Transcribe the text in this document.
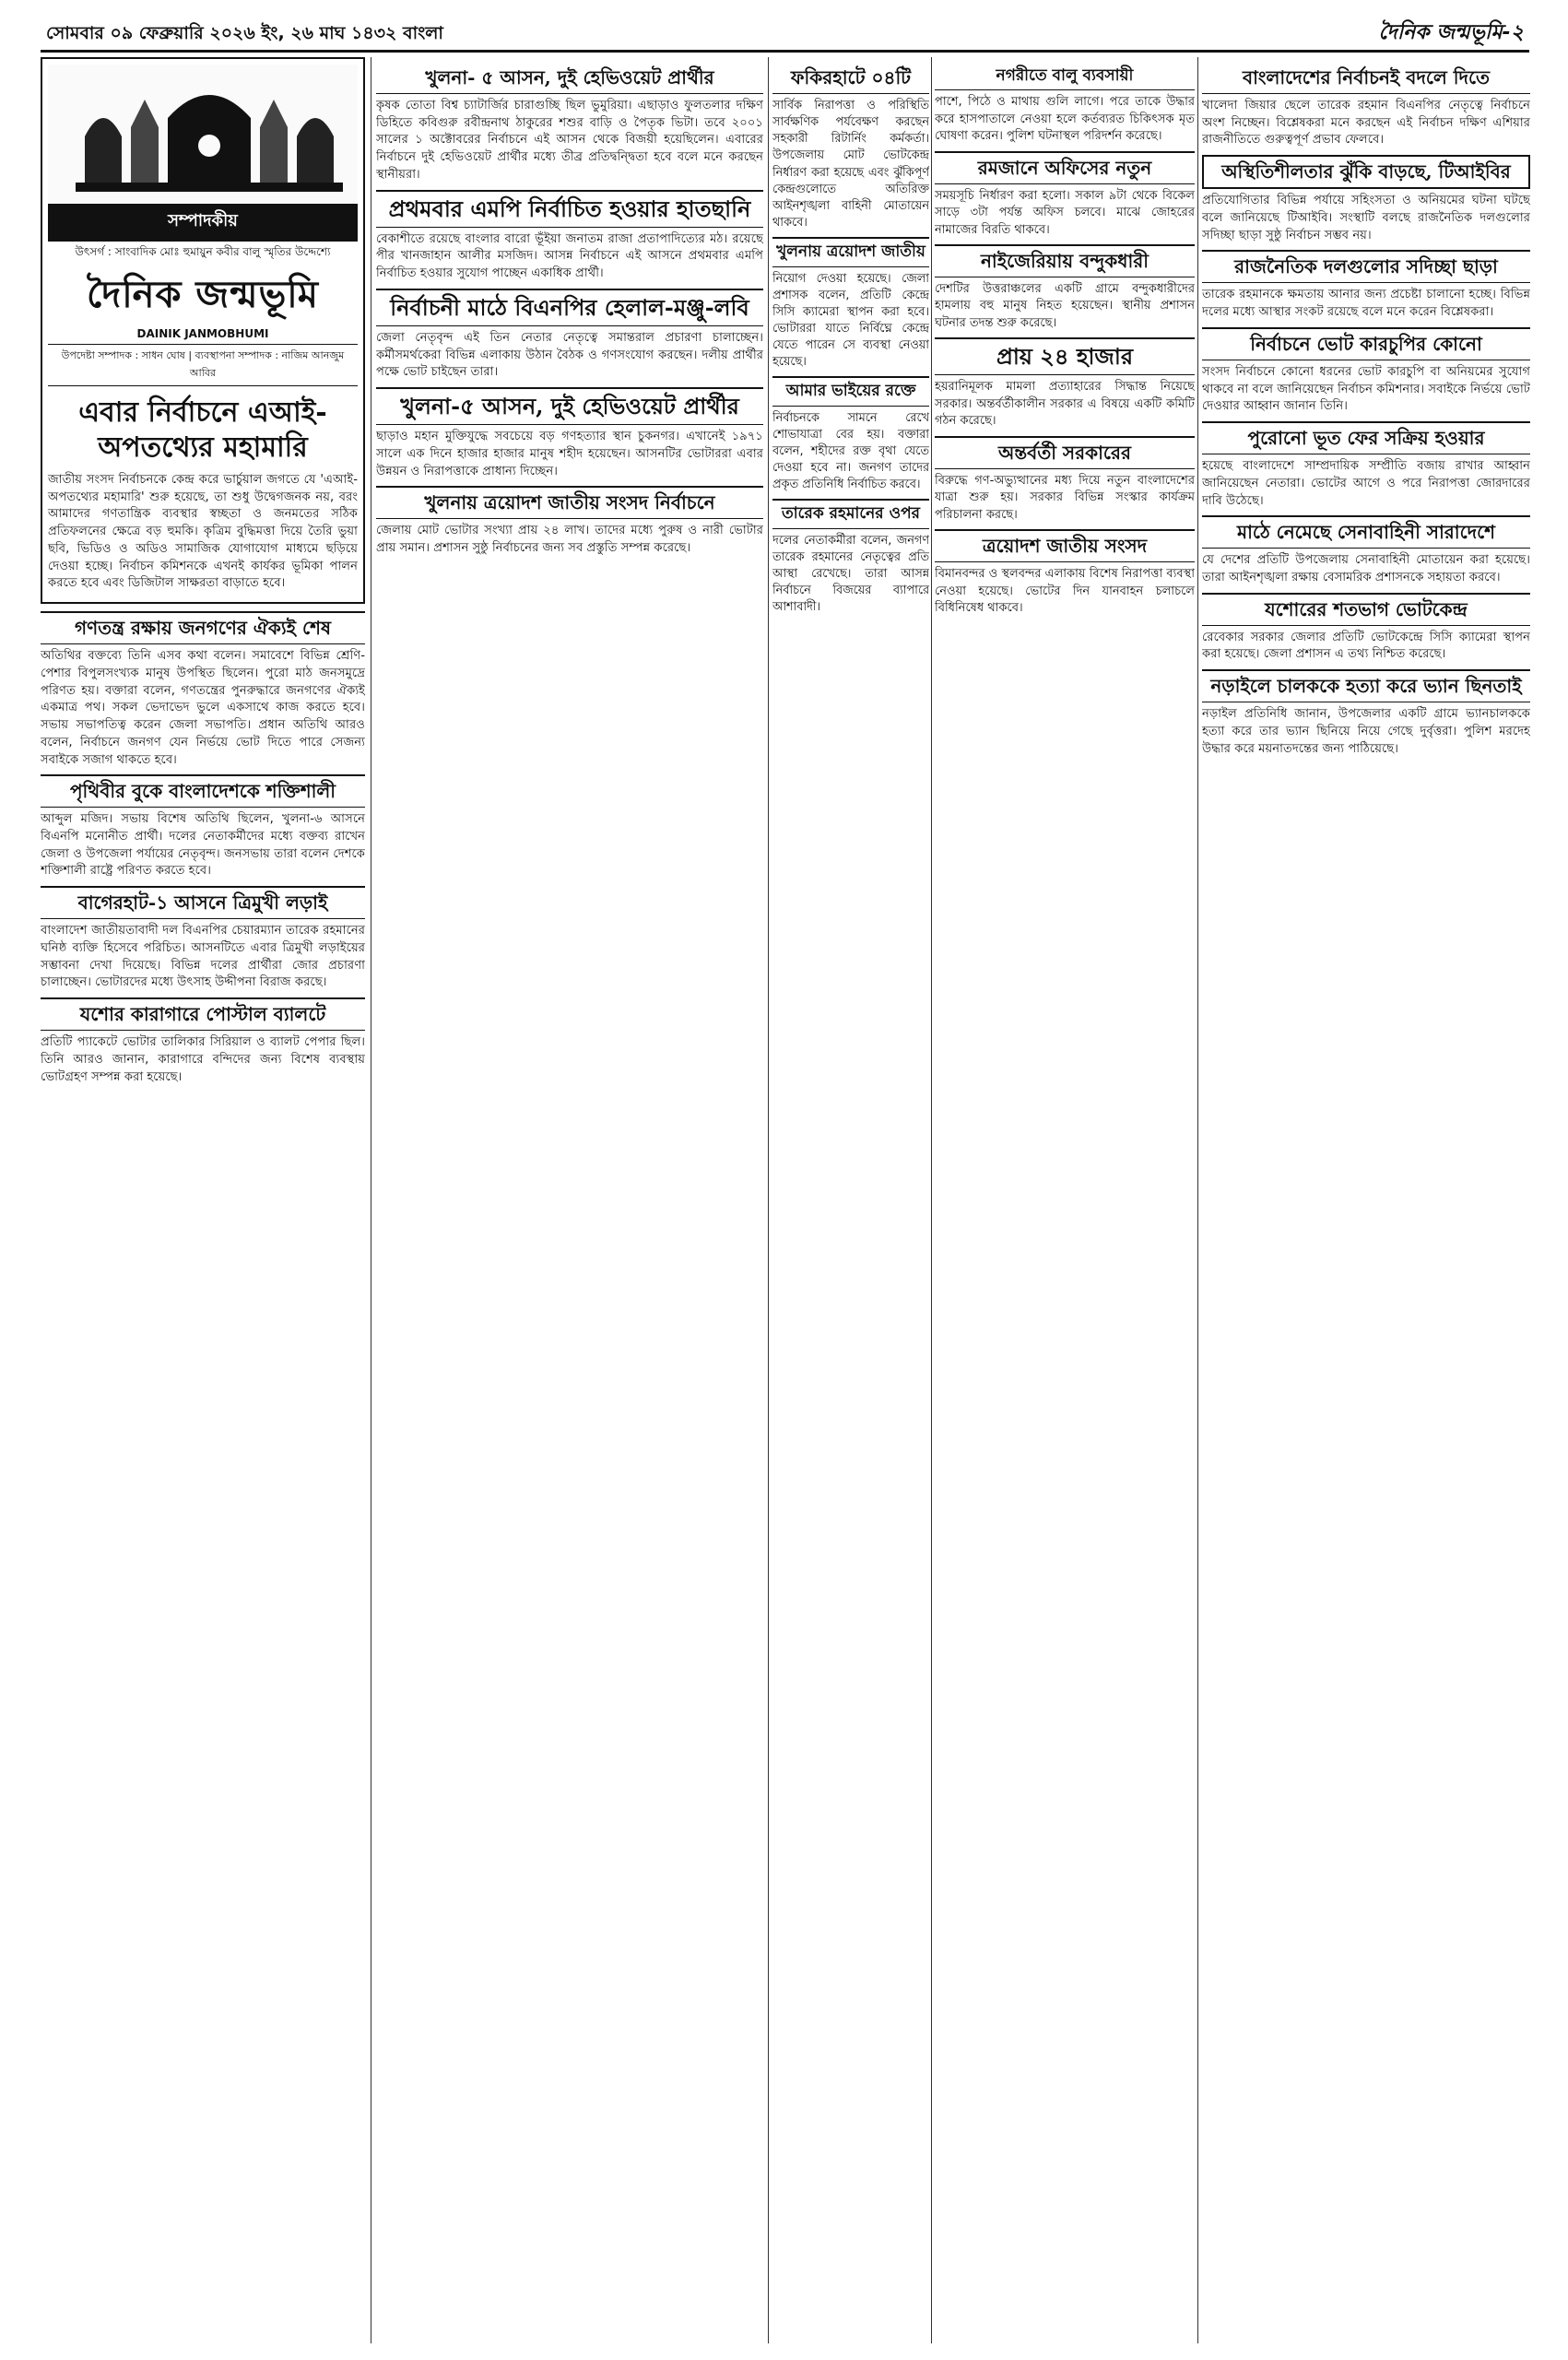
সোমবার ০৯ ফেব্রুয়ারি ২০২৬ ইং, ২৬ মাঘ ১৪৩২ বাংলা	দৈনিক জন্মভূমি-২
সম্পাদকীয়
উৎসর্গ : সাংবাদিক মোঃ হুমায়ুন কবীর বালু স্মৃতির উদ্দেশ্যে
দৈনিক জন্মভূমি
DAINIK JANMOBHUMI
উপদেষ্টা সম্পাদক : সাধন ঘোষ | ব্যবস্থাপনা সম্পাদক : নাজিম আনজুম আবির
এবার নির্বাচনে এআই-অপতথ্যের মহামারি

জাতীয় সংসদ নির্বাচনকে কেন্দ্র করে ভার্চুয়াল জগতে যে 'এআই-অপতথ্যের মহামারি' শুরু হয়েছে, তা শুধু উদ্বেগজনক নয়, বরং আমাদের গণতান্ত্রিক ব্যবস্থার স্বচ্ছতা ও জনমতের সঠিক প্রতিফলনের ক্ষেত্রে বড় হুমকি। কৃত্রিম বুদ্ধিমত্তা দিয়ে তৈরি ভুয়া ছবি, ভিডিও ও অডিও সামাজিক যোগাযোগ মাধ্যমে ছড়িয়ে দেওয়া হচ্ছে। নির্বাচন কমিশনকে এখনই কার্যকর ভূমিকা পালন করতে হবে এবং ডিজিটাল সাক্ষরতা বাড়াতে হবে।

গণতন্ত্র রক্ষায় জনগণের ঐক্যই শেষ

অতিথির বক্তব্যে তিনি এসব কথা বলেন। সমাবেশে বিভিন্ন শ্রেণি-পেশার বিপুলসংখ্যক মানুষ উপস্থিত ছিলেন। পুরো মাঠ জনসমুদ্রে পরিণত হয়। বক্তারা বলেন, গণতন্ত্রের পুনরুদ্ধারে জনগণের ঐক্যই একমাত্র পথ। সকল ভেদাভেদ ভুলে একসাথে কাজ করতে হবে। সভায় সভাপতিত্ব করেন জেলা সভাপতি। প্রধান অতিথি আরও বলেন, নির্বাচনে জনগণ যেন নির্ভয়ে ভোট দিতে পারে সেজন্য সবাইকে সজাগ থাকতে হবে।

পৃথিবীর বুকে বাংলাদেশকে শক্তিশালী

আব্দুল মজিদ। সভায় বিশেষ অতিথি ছিলেন, খুলনা-৬ আসনে বিএনপি মনোনীত প্রার্থী। দলের নেতাকর্মীদের মধ্যে বক্তব্য রাখেন জেলা ও উপজেলা পর্যায়ের নেতৃবৃন্দ। জনসভায় তারা বলেন দেশকে শক্তিশালী রাষ্ট্রে পরিণত করতে হবে।

বাগেরহাট-১ আসনে ত্রিমুখী লড়াই

বাংলাদেশ জাতীয়তাবাদী দল বিএনপির চেয়ারম্যান তারেক রহমানের ঘনিষ্ঠ ব্যক্তি হিসেবে পরিচিত। আসনটিতে এবার ত্রিমুখী লড়াইয়ের সম্ভাবনা দেখা দিয়েছে। বিভিন্ন দলের প্রার্থীরা জোর প্রচারণা চালাচ্ছেন। ভোটারদের মধ্যে উৎসাহ উদ্দীপনা বিরাজ করছে।

যশোর কারাগারে পোস্টাল ব্যালটে

প্রতিটি প্যাকেটে ভোটার তালিকার সিরিয়াল ও ব্যালট পেপার ছিল। তিনি আরও জানান, কারাগারে বন্দিদের জন্য বিশেষ ব্যবস্থায় ভোটগ্রহণ সম্পন্ন করা হয়েছে।

খুলনা- ৫ আসন, দুই হেভিওয়েট প্রার্থীর

কৃষক তোতা বিশ্ব চ্যাটার্জির চারাগুচ্ছি ছিল ভুমুরিয়া। এছাড়াও ফুলতলার দক্ষিণ ডিহিতে কবিগুরু রবীন্দ্রনাথ ঠাকুরের শশুর বাড়ি ও পৈতৃক ভিটা। তবে ২০০১ সালের ১ অক্টোবরের নির্বাচনে এই আসন থেকে বিজয়ী হয়েছিলেন। এবারের নির্বাচনে দুই হেভিওয়েট প্রার্থীর মধ্যে তীব্র প্রতিদ্বন্দ্বিতা হবে বলে মনে করছেন স্থানীয়রা।

প্রথমবার এমপি নির্বাচিত হওয়ার হাতছানি

বেকাশীতে রয়েছে বাংলার বারো ভূঁইয়া জনাতম রাজা প্রতাপাদিত্যের মঠ। রয়েছে পীর খানজাহান আলীর মসজিদ। আসন্ন নির্বাচনে এই আসনে প্রথমবার এমপি নির্বাচিত হওয়ার সুযোগ পাচ্ছেন একাধিক প্রার্থী।

নির্বাচনী মাঠে বিএনপির হেলাল-মঞ্জু-লবি

জেলা নেতৃবৃন্দ এই তিন নেতার নেতৃত্বে সমান্তরাল প্রচারণা চালাচ্ছেন। কর্মীসমর্থকেরা বিভিন্ন এলাকায় উঠান বৈঠক ও গণসংযোগ করছেন। দলীয় প্রার্থীর পক্ষে ভোট চাইছেন তারা।

খুলনা-৫ আসন, দুই হেভিওয়েট প্রার্থীর

ছাড়াও মহান মুক্তিযুদ্ধে সবচেয়ে বড় গণহত্যার স্থান চুকনগর। এখানেই ১৯৭১ সালে এক দিনে হাজার হাজার মানুষ শহীদ হয়েছেন। আসনটির ভোটাররা এবার উন্নয়ন ও নিরাপত্তাকে প্রাধান্য দিচ্ছেন।

খুলনায় ত্রয়োদশ জাতীয় সংসদ নির্বাচনে

জেলায় মোট ভোটার সংখ্যা প্রায় ২৪ লাখ। তাদের মধ্যে পুরুষ ও নারী ভোটার প্রায় সমান। প্রশাসন সুষ্ঠু নির্বাচনের জন্য সব প্রস্তুতি সম্পন্ন করেছে।

ফকিরহাটে ০৪টি

সার্বিক নিরাপত্তা ও পরিস্থিতি সার্বক্ষণিক পর্যবেক্ষণ করছেন সহকারী রিটার্নিং কর্মকর্তা। উপজেলায় মোট ভোটকেন্দ্র নির্ধারণ করা হয়েছে এবং ঝুঁকিপূর্ণ কেন্দ্রগুলোতে অতিরিক্ত আইনশৃঙ্খলা বাহিনী মোতায়েন থাকবে।

খুলনায় ত্রয়োদশ জাতীয়

নিয়োগ দেওয়া হয়েছে। জেলা প্রশাসক বলেন, প্রতিটি কেন্দ্রে সিসি ক্যামেরা স্থাপন করা হবে। ভোটাররা যাতে নির্বিঘ্নে কেন্দ্রে যেতে পারেন সে ব্যবস্থা নেওয়া হয়েছে।

আমার ভাইয়ের রক্তে

নির্বাচনকে সামনে রেখে শোভাযাত্রা বের হয়। বক্তারা বলেন, শহীদের রক্ত বৃথা যেতে দেওয়া হবে না। জনগণ তাদের প্রকৃত প্রতিনিধি নির্বাচিত করবে।

তারেক রহমানের ওপর

দলের নেতাকর্মীরা বলেন, জনগণ তারেক রহমানের নেতৃত্বের প্রতি আস্থা রেখেছে। তারা আসন্ন নির্বাচনে বিজয়ের ব্যাপারে আশাবাদী।

নগরীতে বালু ব্যবসায়ী

পাশে, পিঠে ও মাথায় গুলি লাগে। পরে তাকে উদ্ধার করে হাসপাতালে নেওয়া হলে কর্তব্যরত চিকিৎসক মৃত ঘোষণা করেন। পুলিশ ঘটনাস্থল পরিদর্শন করেছে।

রমজানে অফিসের নতুন

সময়সূচি নির্ধারণ করা হলো। সকাল ৯টা থেকে বিকেল সাড়ে ৩টা পর্যন্ত অফিস চলবে। মাঝে জোহরের নামাজের বিরতি থাকবে।

নাইজেরিয়ায় বন্দুকধারী

দেশটির উত্তরাঞ্চলের একটি গ্রামে বন্দুকধারীদের হামলায় বহু মানুষ নিহত হয়েছেন। স্থানীয় প্রশাসন ঘটনার তদন্ত শুরু করেছে।

প্রায় ২৪ হাজার

হয়রানিমূলক মামলা প্রত্যাহারের সিদ্ধান্ত নিয়েছে সরকার। অন্তর্বর্তীকালীন সরকার এ বিষয়ে একটি কমিটি গঠন করেছে।

অন্তর্বর্তী সরকারের

বিরুদ্ধে গণ-অভ্যুত্থানের মধ্য দিয়ে নতুন বাংলাদেশের যাত্রা শুরু হয়। সরকার বিভিন্ন সংস্কার কার্যক্রম পরিচালনা করছে।

ত্রয়োদশ জাতীয় সংসদ

বিমানবন্দর ও স্থলবন্দর এলাকায় বিশেষ নিরাপত্তা ব্যবস্থা নেওয়া হয়েছে। ভোটের দিন যানবাহন চলাচলে বিধিনিষেধ থাকবে।

বাংলাদেশের নির্বাচনই বদলে দিতে

খালেদা জিয়ার ছেলে তারেক রহমান বিএনপির নেতৃত্বে নির্বাচনে অংশ নিচ্ছেন। বিশ্লেষকরা মনে করছেন এই নির্বাচন দক্ষিণ এশিয়ার রাজনীতিতে গুরুত্বপূর্ণ প্রভাব ফেলবে।

অস্থিতিশীলতার ঝুঁকি বাড়ছে, টিআইবির

প্রতিযোগিতার বিভিন্ন পর্যায়ে সহিংসতা ও অনিয়মের ঘটনা ঘটছে বলে জানিয়েছে টিআইবি। সংস্থাটি বলছে রাজনৈতিক দলগুলোর সদিচ্ছা ছাড়া সুষ্ঠু নির্বাচন সম্ভব নয়।

রাজনৈতিক দলগুলোর সদিচ্ছা ছাড়া

তারেক রহমানকে ক্ষমতায় আনার জন্য প্রচেষ্টা চালানো হচ্ছে। বিভিন্ন দলের মধ্যে আস্থার সংকট রয়েছে বলে মনে করেন বিশ্লেষকরা।

নির্বাচনে ভোট কারচুপির কোনো

সংসদ নির্বাচনে কোনো ধরনের ভোট কারচুপি বা অনিয়মের সুযোগ থাকবে না বলে জানিয়েছেন নির্বাচন কমিশনার। সবাইকে নির্ভয়ে ভোট দেওয়ার আহ্বান জানান তিনি।

পুরোনো ভূত ফের সক্রিয় হওয়ার

হয়েছে বাংলাদেশে সাম্প্রদায়িক সম্প্রীতি বজায় রাখার আহ্বান জানিয়েছেন নেতারা। ভোটের আগে ও পরে নিরাপত্তা জোরদারের দাবি উঠেছে।

মাঠে নেমেছে সেনাবাহিনী সারাদেশে

যে দেশের প্রতিটি উপজেলায় সেনাবাহিনী মোতায়েন করা হয়েছে। তারা আইনশৃঙ্খলা রক্ষায় বেসামরিক প্রশাসনকে সহায়তা করবে।

যশোরের শতভাগ ভোটকেন্দ্র

রেবেকার সরকার জেলার প্রতিটি ভোটকেন্দ্রে সিসি ক্যামেরা স্থাপন করা হয়েছে। জেলা প্রশাসন এ তথ্য নিশ্চিত করেছে।

নড়াইলে চালককে হত্যা করে ভ্যান ছিনতাই

নড়াইল প্রতিনিধি জানান, উপজেলার একটি গ্রামে ভ্যানচালককে হত্যা করে তার ভ্যান ছিনিয়ে নিয়ে গেছে দুর্বৃত্তরা। পুলিশ মরদেহ উদ্ধার করে ময়নাতদন্তের জন্য পাঠিয়েছে।
